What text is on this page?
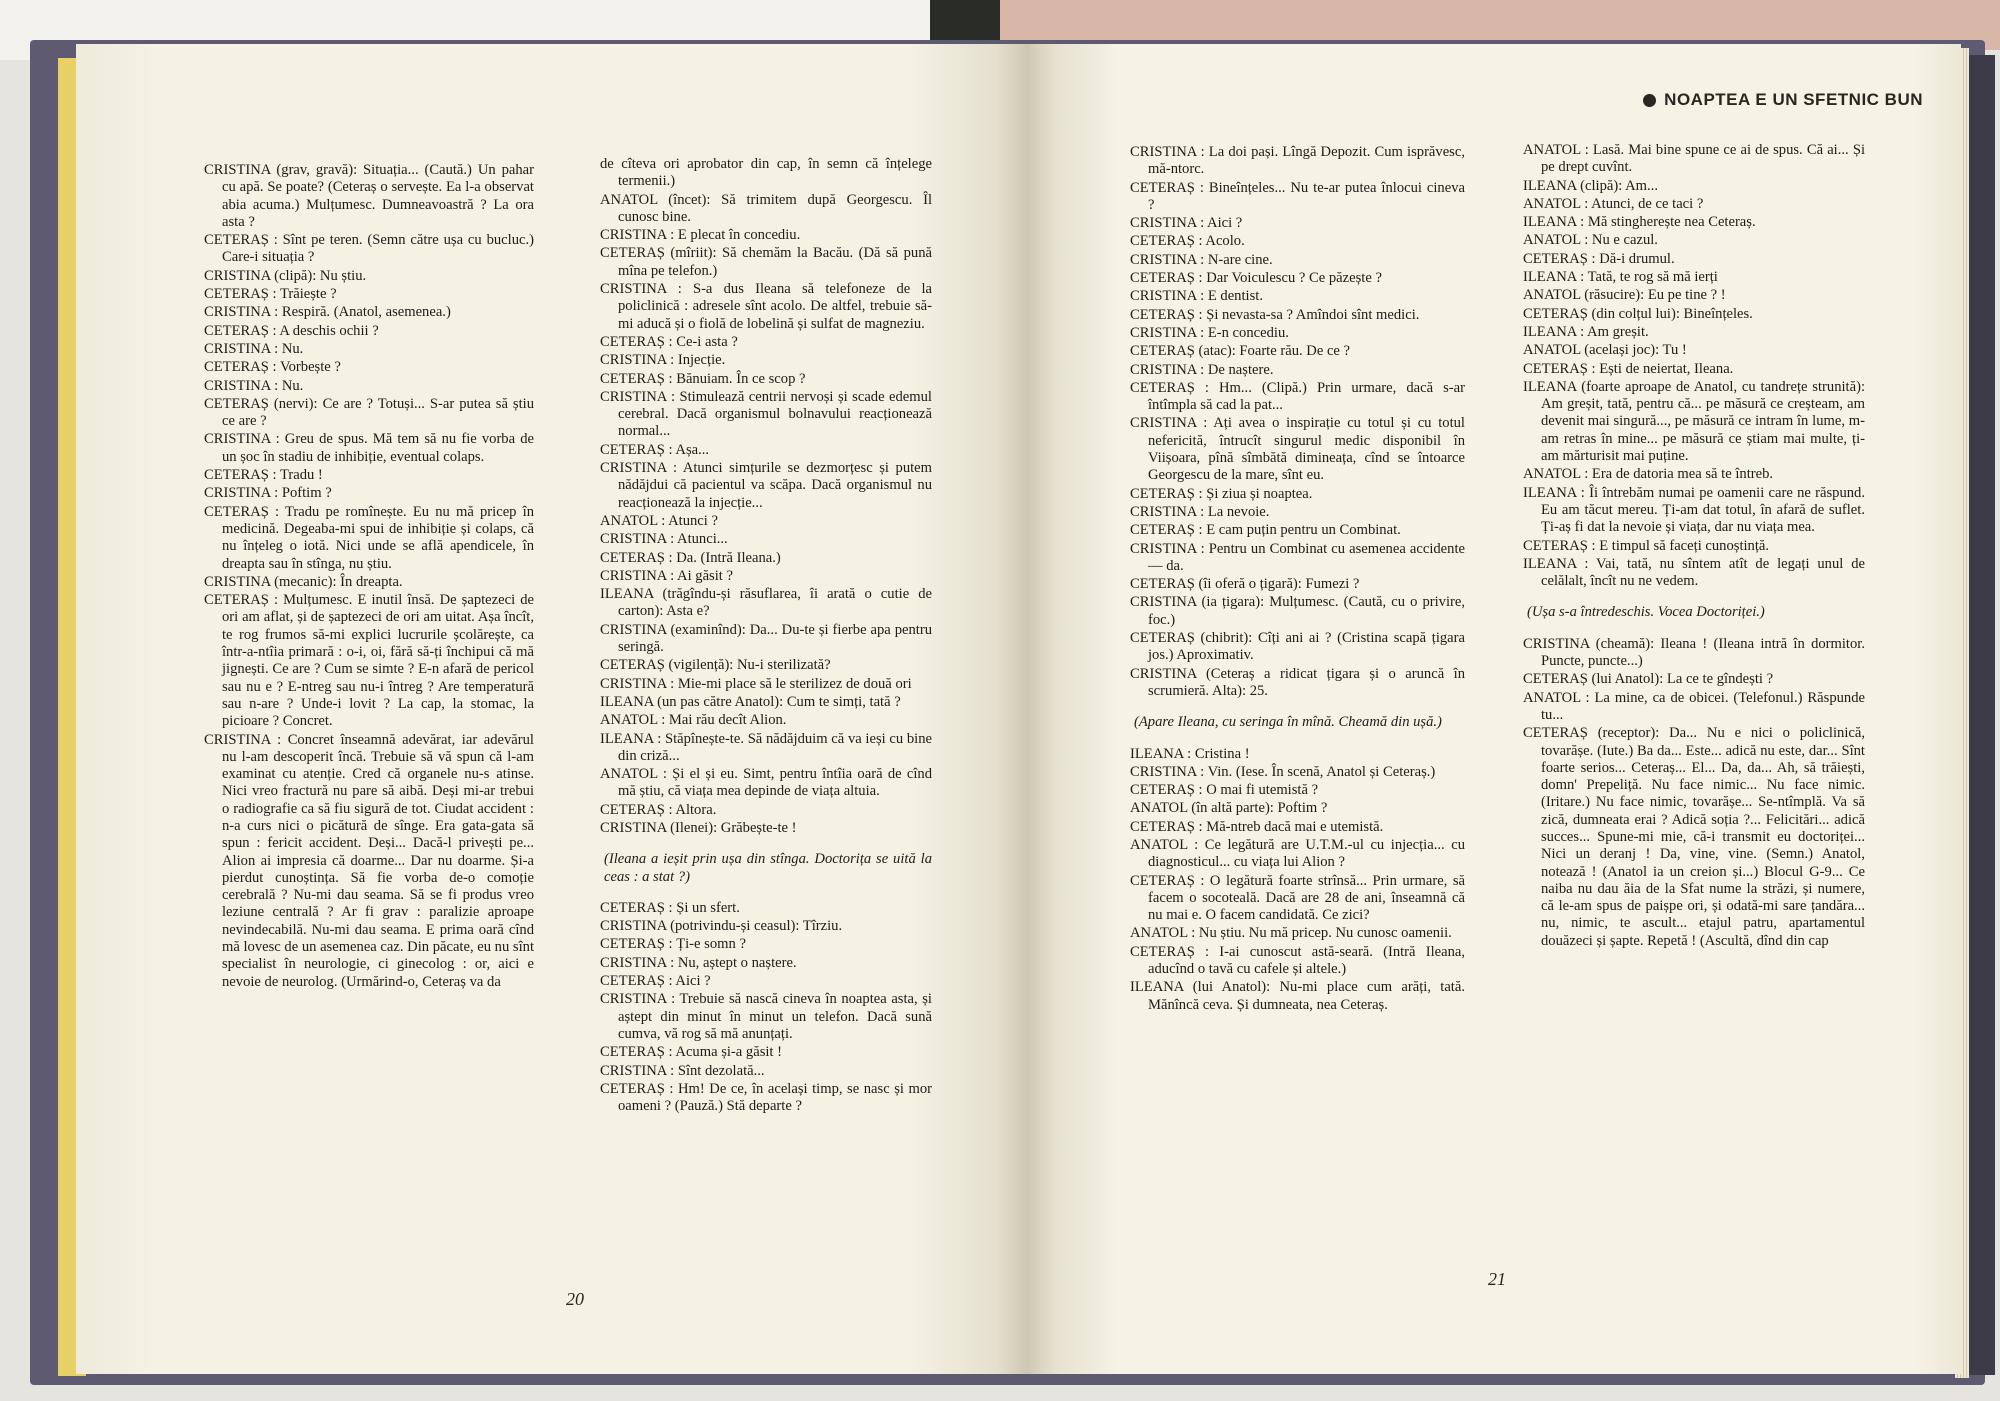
CRISTINA (grav, gravă): Situația... (Caută.) Un pahar cu apă. Se poate? (Ceteraș o servește. Ea l-a observat abia acuma.) Mulțumesc. Dumneavoastră ? La ora asta ?

CETERAȘ : Sînt pe teren. (Semn către ușa cu bucluc.) Care-i situația ?

CRISTINA (clipă): Nu știu.

CETERAȘ : Trăiește ?

CRISTINA : Respiră. (Anatol, asemenea.)

CETERAȘ : A deschis ochii ?

CRISTINA : Nu.

CETERAȘ : Vorbește ?

CRISTINA : Nu.

CETERAȘ (nervi): Ce are ? Totuși... S-ar putea să știu ce are ?

CRISTINA : Greu de spus. Mă tem să nu fie vorba de un șoc în stadiu de inhibiție, eventual colaps.

CETERAȘ : Tradu !

CRISTINA : Poftim ?

CETERAȘ : Tradu pe romînește. Eu nu mă pricep în medicină. Degeaba-mi spui de inhibiție și colaps, că nu înțeleg o iotă. Nici unde se află apendicele, în dreapta sau în stînga, nu știu.

CRISTINA (mecanic): În dreapta.

CETERAȘ : Mulțumesc. E inutil însă. De șaptezeci de ori am aflat, și de șaptezeci de ori am uitat. Așa încît, te rog frumos să-mi explici lucrurile școlărește, ca într-a-ntîia primară : o-i, oi, fără să-ți închipui că mă jignești. Ce are ? Cum se simte ? E-n afară de pericol sau nu e ? E-ntreg sau nu-i întreg ? Are temperatură sau n-are ? Unde-i lovit ? La cap, la stomac, la picioare ? Concret.

CRISTINA : Concret înseamnă adevărat, iar adevărul nu l-am descoperit încă. Trebuie să vă spun că l-am examinat cu atenție. Cred că organele nu-s atinse. Nici vreo fractură nu pare să aibă. Deși mi-ar trebui o radiografie ca să fiu sigură de tot. Ciudat accident : n-a curs nici o picătură de sînge. Era gata-gata să spun : fericit accident. Deși... Dacă-l privești pe... Alion ai impresia că doarme... Dar nu doarme. Și-a pierdut cunoștința. Să fie vorba de-o comoție cerebrală ? Nu-mi dau seama. Să se fi produs vreo leziune centrală ? Ar fi grav : paralizie aproape nevindecabilă. Nu-mi dau seama. E prima oară cînd mă lovesc de un asemenea caz. Din păcate, eu nu sînt specialist în neurologie, ci ginecolog : or, aici e nevoie de neurolog. (Urmărind-o, Ceteraș va da

de cîteva ori aprobator din cap, în semn că înțelege termenii.)

ANATOL (încet): Să trimitem după Georgescu. Îl cunosc bine.

CRISTINA : E plecat în concediu.

CETERAȘ (mîriit): Să chemăm la Bacău. (Dă să pună mîna pe telefon.)

CRISTINA : S-a dus Ileana să telefoneze de la policlinică : adresele sînt acolo. De altfel, trebuie să-mi aducă și o fiolă de lobelină și sulfat de magneziu.

CETERAȘ : Ce-i asta ?

CRISTINA : Injecție.

CETERAȘ : Bănuiam. În ce scop ?

CRISTINA : Stimulează centrii nervoși și scade edemul cerebral. Dacă organismul bolnavului reacționează normal...

CETERAȘ : Așa...

CRISTINA : Atunci simțurile se dezmorțesc și putem nădăjdui că pacientul va scăpa. Dacă organismul nu reacționează la injecție...

ANATOL : Atunci ?

CRISTINA : Atunci...

CETERAȘ : Da. (Intră Ileana.)

CRISTINA : Ai găsit ?

ILEANA (trăgîndu-și răsuflarea, îi arată o cutie de carton): Asta e?

CRISTINA (examinînd): Da... Du-te și fierbe apa pentru seringă.

CETERAȘ (vigilență): Nu-i sterilizată?

CRISTINA : Mie-mi place să le sterilizez de două ori

ILEANA (un pas către Anatol): Cum te simți, tată ?

ANATOL : Mai rău decît Alion.

ILEANA : Stăpînește-te. Să nădăjduim că va ieși cu bine din criză...

ANATOL : Și el și eu. Simt, pentru întîia oară de cînd mă știu, că viața mea depinde de viața altuia.

CETERAȘ : Altora.

CRISTINA (Ilenei): Grăbește-te !

(Ileana a ieșit prin ușa din stînga. Doctorița se uită la ceas : a stat ?)

CETERAȘ : Și un sfert.

CRISTINA (potrivindu-și ceasul): Tîrziu.

CETERAȘ : Ți-e somn ?

CRISTINA : Nu, aștept o naștere.

CETERAȘ : Aici ?

CRISTINA : Trebuie să nască cineva în noaptea asta, și aștept din minut în minut un telefon. Dacă sună cumva, vă rog să mă anunțați.

CETERAȘ : Acuma și-a găsit !

CRISTINA : Sînt dezolată...

CETERAȘ : Hm! De ce, în același timp, se nasc și mor oameni ? (Pauză.) Stă departe ?

20
NOAPTEA E UN SFETNIC BUN

CRISTINA : La doi pași. Lîngă Depozit. Cum isprăvesc, mă-ntorc.

CETERAȘ : Bineînțeles... Nu te-ar putea înlocui cineva ?

CRISTINA : Aici ?

CETERAȘ : Acolo.

CRISTINA : N-are cine.

CETERAȘ : Dar Voiculescu ? Ce păzește ?

CRISTINA : E dentist.

CETERAȘ : Și nevasta-sa ? Amîndoi sînt medici.

CRISTINA : E-n concediu.

CETERAȘ (atac): Foarte rău. De ce ?

CRISTINA : De naștere.

CETERAȘ : Hm... (Clipă.) Prin urmare, dacă s-ar întîmpla să cad la pat...

CRISTINA : Ați avea o inspirație cu totul și cu totul nefericită, întrucît singurul medic disponibil în Viișoara, pînă sîmbătă dimineața, cînd se întoarce Georgescu de la mare, sînt eu.

CETERAȘ : Și ziua și noaptea.

CRISTINA : La nevoie.

CETERAȘ : E cam puțin pentru un Combinat.

CRISTINA : Pentru un Combinat cu asemenea accidente — da.

CETERAȘ (îi oferă o țigară): Fumezi ?

CRISTINA (ia țigara): Mulțumesc. (Caută, cu o privire, foc.)

CETERAȘ (chibrit): Cîți ani ai ? (Cristina scapă țigara jos.) Aproximativ.

CRISTINA (Ceteraș a ridicat țigara și o aruncă în scrumieră. Alta): 25.

(Apare Ileana, cu seringa în mînă. Cheamă din ușă.)

ILEANA : Cristina !

CRISTINA : Vin. (Iese. În scenă, Anatol și Ceteraș.)

CETERAȘ : O mai fi utemistă ?

ANATOL (în altă parte): Poftim ?

CETERAȘ : Mă-ntreb dacă mai e utemistă.

ANATOL : Ce legătură are U.T.M.-ul cu injecția... cu diagnosticul... cu viața lui Alion ?

CETERAȘ : O legătură foarte strînsă... Prin urmare, să facem o socoteală. Dacă are 28 de ani, înseamnă că nu mai e. O facem candidată. Ce zici?

ANATOL : Nu știu. Nu mă pricep. Nu cunosc oamenii.

CETERAȘ : I-ai cunoscut astă-seară. (Intră Ileana, aducînd o tavă cu cafele și altele.)

ILEANA (lui Anatol): Nu-mi place cum arăți, tată. Mănîncă ceva. Și dumneata, nea Ceteraș.

ANATOL : Lasă. Mai bine spune ce ai de spus. Că ai... Și pe drept cuvînt.

ILEANA (clipă): Am...

ANATOL : Atunci, de ce taci ?

ILEANA : Mă stingherește nea Ceteraș.

ANATOL : Nu e cazul.

CETERAȘ : Dă-i drumul.

ILEANA : Tată, te rog să mă ierți

ANATOL (răsucire): Eu pe tine ? !

CETERAȘ (din colțul lui): Bineînțeles.

ILEANA : Am greșit.

ANATOL (același joc): Tu !

CETERAȘ : Ești de neiertat, Ileana.

ILEANA (foarte aproape de Anatol, cu tandrețe strunită): Am greșit, tată, pentru că... pe măsură ce creșteam, am devenit mai singură..., pe măsură ce intram în lume, m-am retras în mine... pe măsură ce știam mai multe, ți-am mărturisit mai puține.

ANATOL : Era de datoria mea să te întreb.

ILEANA : Îi întrebăm numai pe oamenii care ne răspund. Eu am tăcut mereu. Ți-am dat totul, în afară de suflet. Ți-aș fi dat la nevoie și viața, dar nu viața mea.

CETERAȘ : E timpul să faceți cunoștință.

ILEANA : Vai, tată, nu sîntem atît de legați unul de celălalt, încît nu ne vedem.

(Ușa s-a întredeschis. Vocea Doctoriței.)

CRISTINA (cheamă): Ileana ! (Ileana intră în dormitor. Puncte, puncte...)

CETERAȘ (lui Anatol): La ce te gîndești ?

ANATOL : La mine, ca de obicei. (Telefonul.) Răspunde tu...

CETERAȘ (receptor): Da... Nu e nici o policlinică, tovarășe. (Iute.) Ba da... Este... adică nu este, dar... Sînt foarte serios... Ceteraș... El... Da, da... Ah, să trăiești, domn' Prepeliță. Nu face nimic... Nu face nimic. (Iritare.) Nu face nimic, tovarășe... Se-ntîmplă. Va să zică, dumneata erai ? Adică soția ?... Felicitări... adică succes... Spune-mi mie, că-i transmit eu doctoriței... Nici un deranj ! Da, vine, vine. (Semn.) Anatol, notează ! (Anatol ia un creion și...) Blocul G-9... Ce naiba nu dau ăia de la Sfat nume la străzi, și numere, că le-am spus de paișpe ori, și odată-mi sare țandăra... nu, nimic, te ascult... etajul patru, apartamentul douăzeci și șapte. Repetă ! (Ascultă, dînd din cap

21
